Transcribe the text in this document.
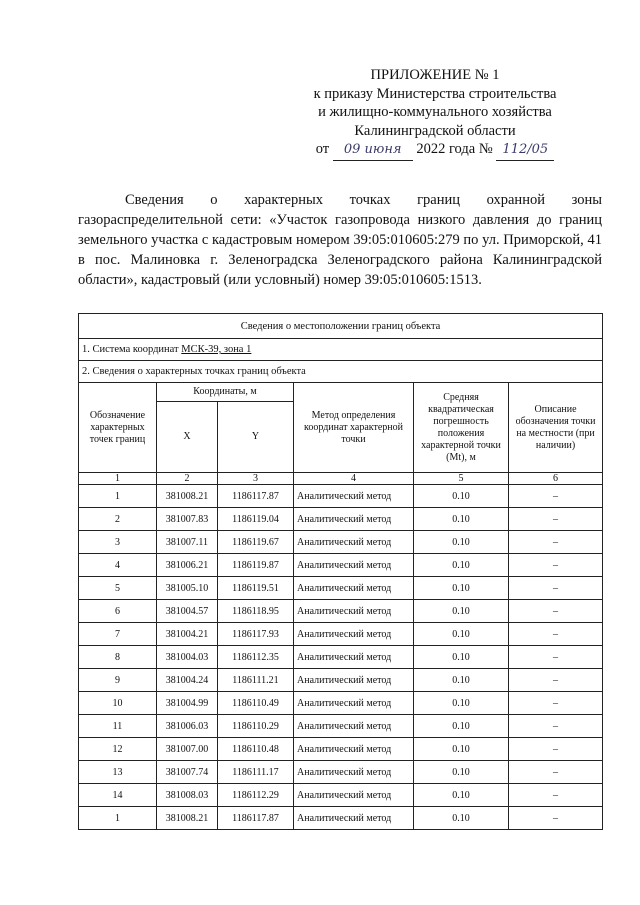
ПРИЛОЖЕНИЕ № 1
к приказу Министерства строительства
и жилищно-коммунального хозяйства
Калининградской области
от 09 июня 2022 года № 112/05

Сведения о характерных точках границ охранной зоны газораспределительной сети: «Участок газопровода низкого давления до границ земельного участка с кадастровым номером 39:05:010605:279 по ул. Приморской, 41 в пос. Малиновка г. Зеленоградска Зеленоградского района Калининградской области», кадастровый (или условный) номер 39:05:010605:1513.

Сведения о местоположении границ объекта					
1. Система координат МСК-39, зона 1					
2. Сведения о характерных точках границ объекта					
Обозначение характерных точек границ	Координаты, м		Метод определения координат характерной точки	Средняя квадратическая погрешность положения характерной точки (Mt), м	Описание обозначения точки на местности (при наличии)
	X	Y			
1	2	3	4	5	6
1	381008.21	1186117.87	Аналитический метод	0.10	–
2	381007.83	1186119.04	Аналитический метод	0.10	–
3	381007.11	1186119.67	Аналитический метод	0.10	–
4	381006.21	1186119.87	Аналитический метод	0.10	–
5	381005.10	1186119.51	Аналитический метод	0.10	–
6	381004.57	1186118.95	Аналитический метод	0.10	–
7	381004.21	1186117.93	Аналитический метод	0.10	–
8	381004.03	1186112.35	Аналитический метод	0.10	–
9	381004.24	1186111.21	Аналитический метод	0.10	–
10	381004.99	1186110.49	Аналитический метод	0.10	–
11	381006.03	1186110.29	Аналитический метод	0.10	–
12	381007.00	1186110.48	Аналитический метод	0.10	–
13	381007.74	1186111.17	Аналитический метод	0.10	–
14	381008.03	1186112.29	Аналитический метод	0.10	–
1	381008.21	1186117.87	Аналитический метод	0.10	–
